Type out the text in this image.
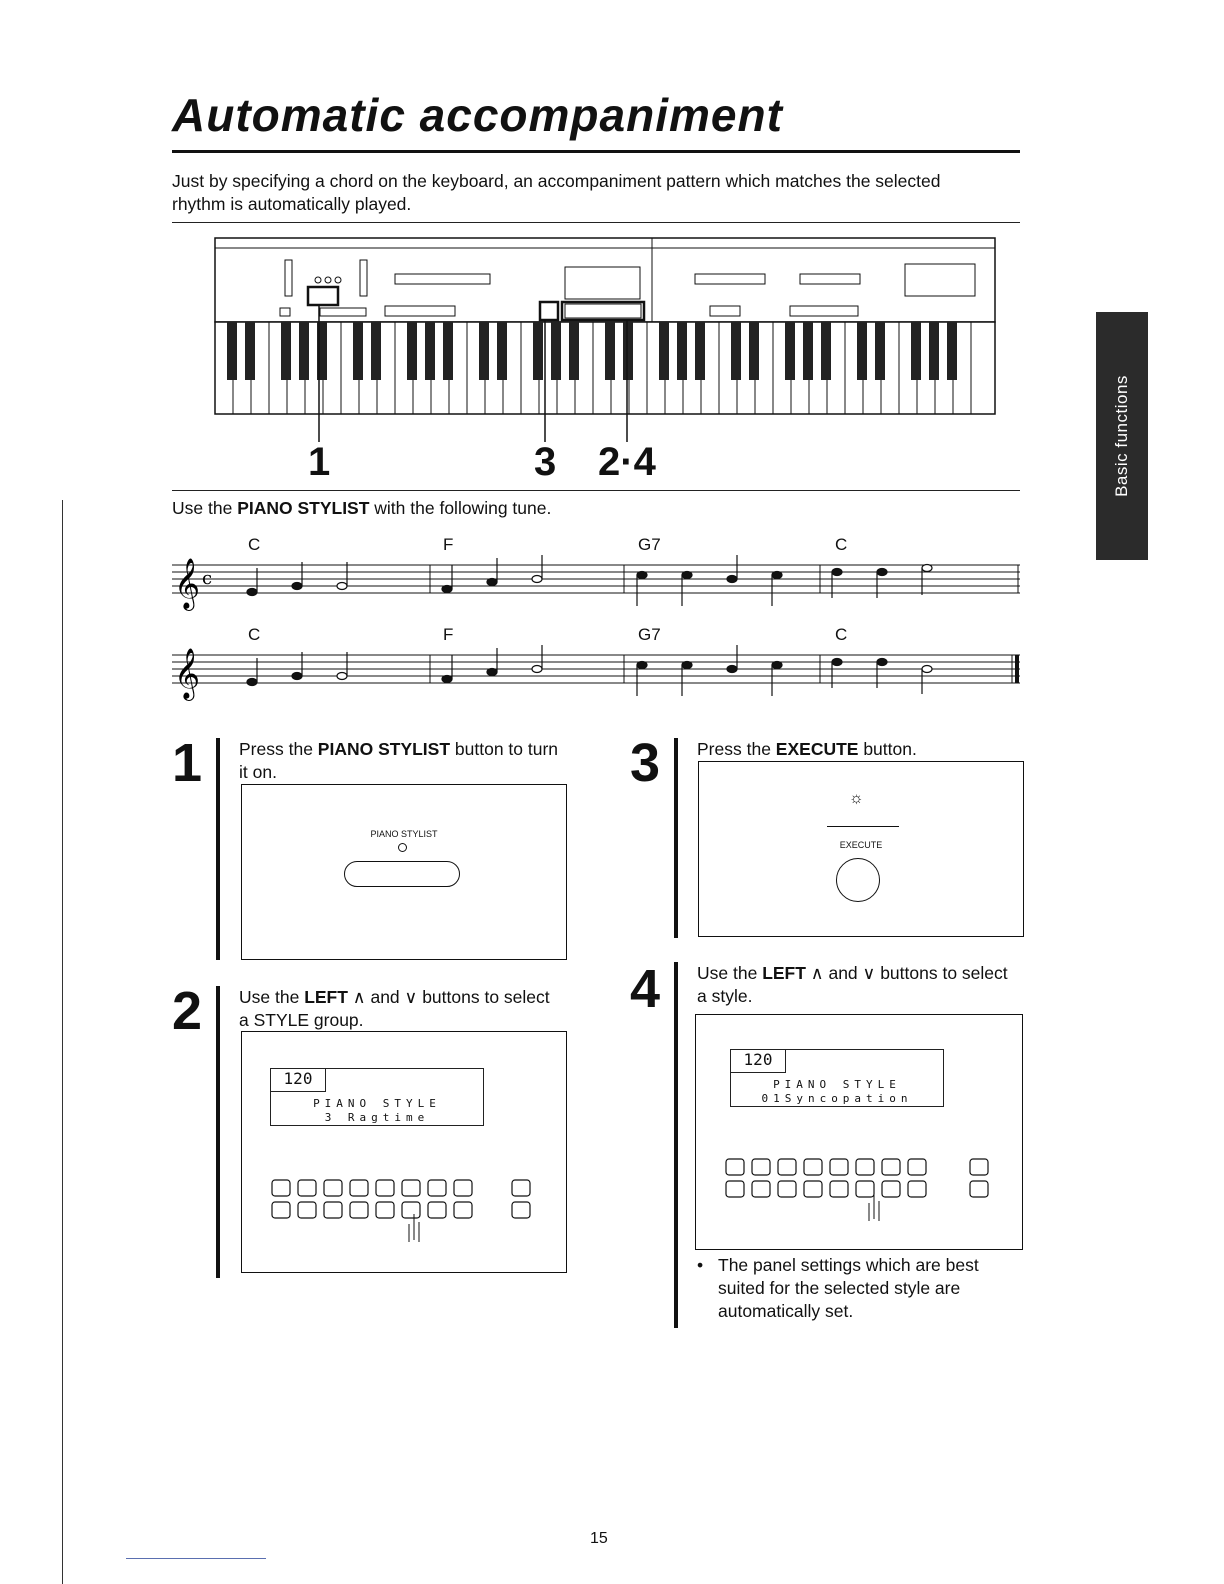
Automatic accompaniment
Just by specifying a chord on the keyboard, an accompaniment pattern which matches the selected rhythm is automatically played.
Basic functions
1	3 2·4
Use the PIANO STYLIST with the following tune.
C	F	G7	C
𝄞 c
C	F	G7	C
𝄞
1 Press the PIANO STYLIST button to turn it on.
PIANO STYLIST
2 Use the LEFT ∧ and ∨ buttons to select a STYLE group.
120
PIANO STYLE
3 Ragtime
3 Press the EXECUTE button.
☼
EXECUTE
4 Use the LEFT ∧ and ∨ buttons to select a style.
120
PIANO STYLE
01Syncopation
• The panel settings which are best suited for the selected style are automatically set.
15
